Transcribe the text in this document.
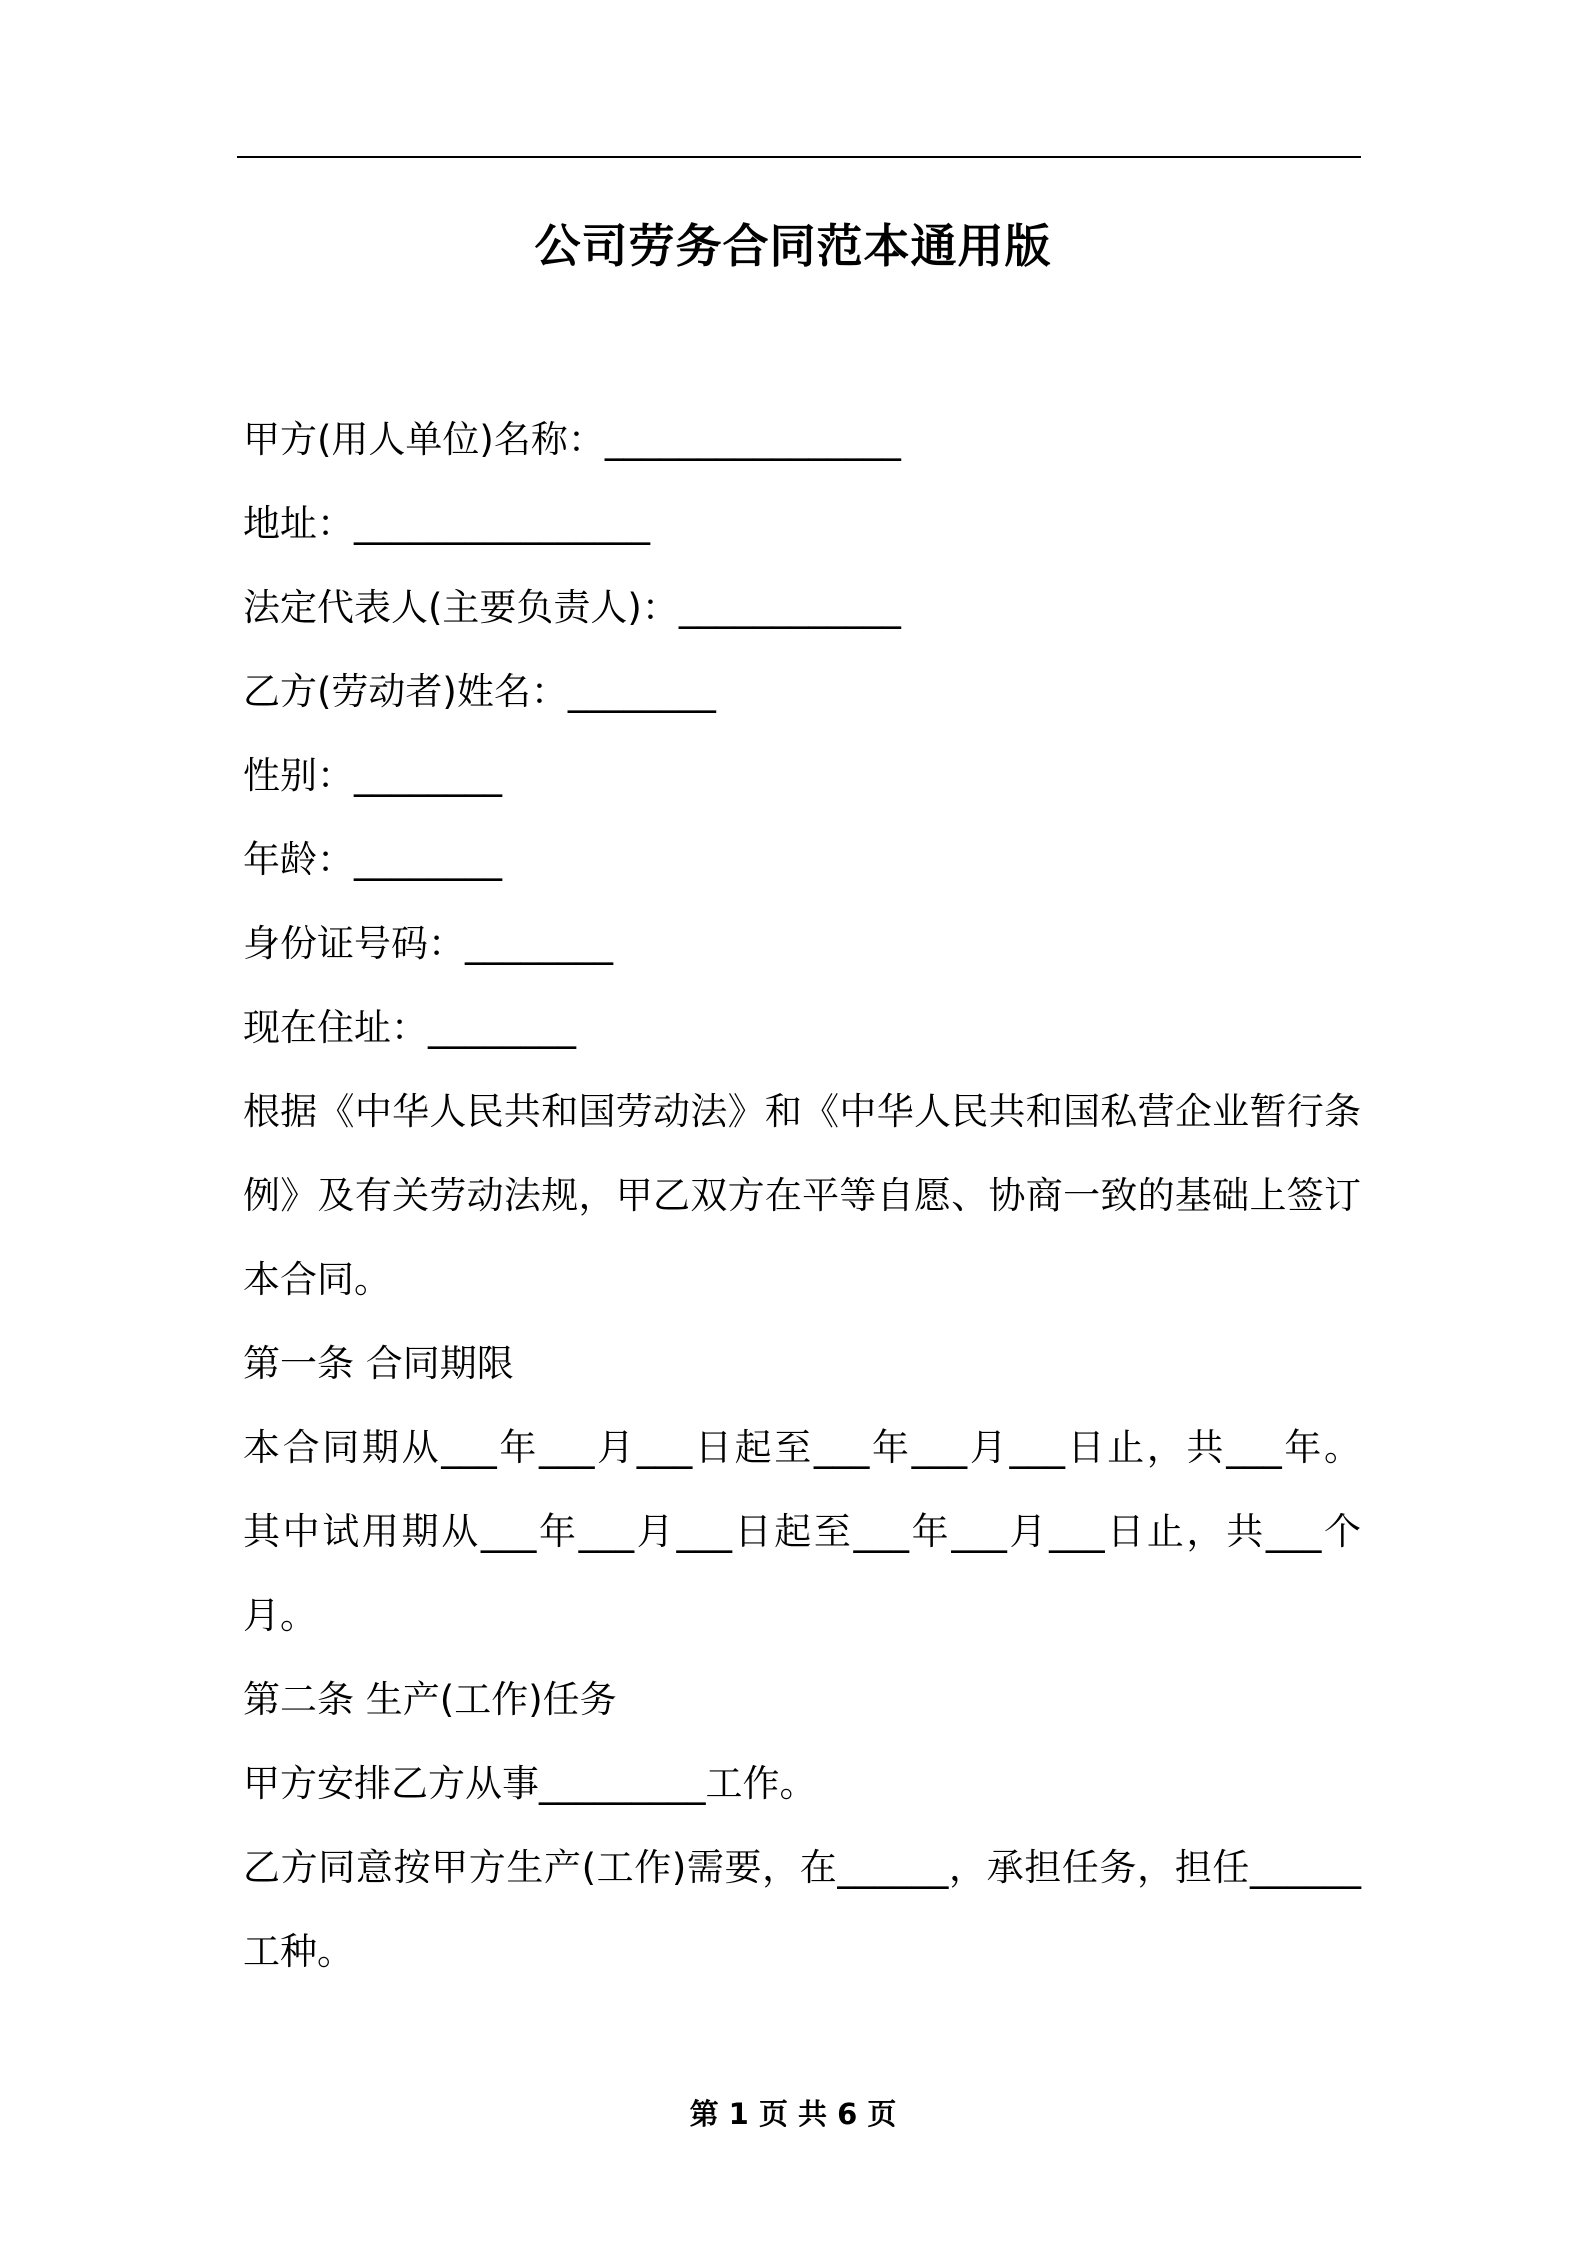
公司劳务合同范本通用版

甲方(用人单位)名称：________________

地址：________________

法定代表人(主要负责人)：____________

乙方(劳动者)姓名：________

性别：________

年龄：________

身份证号码：________

现在住址：________

根据《中华人民共和国劳动法》和《中华人民共和国私营企业暂行条

例》及有关劳动法规，甲乙双方在平等自愿、协商一致的基础上签订

本合同。

第一条 合同期限

本合同期从___年___月___日起至___年___月___日止，共___年。

其中试用期从___年___月___日起至___年___月___日止，共___个

月。

第二条 生产(工作)任务

甲方安排乙方从事_________工作。

乙方同意按甲方生产(工作)需要，在______，承担任务，担任______

工种。

第 1 页 共 6 页
